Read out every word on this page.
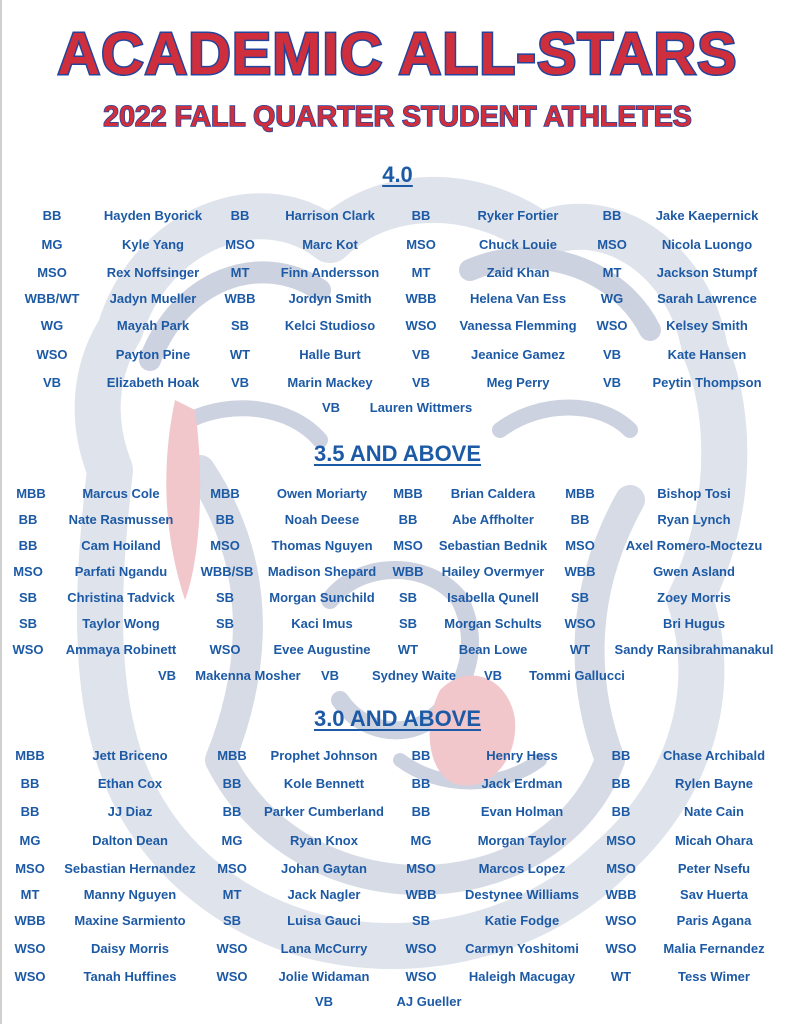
ACADEMIC ALL-STARS
2022 FALL QUARTER STUDENT ATHLETES
4.0
BB	Hayden Byorick BB	Harrison Clark	BB	Ryker Fortier	BB	Jake Kaepernick
MG	Kyle Yang	MSO	Marc Kot	MSO	Chuck Louie	MSO	Nicola Luongo
MSO	Rex Noffsinger MT Finn Andersson MT	Zaid Khan	MT	Jackson Stumpf
WBB/WT Jadyn Mueller WBB	Jordyn Smith	WBB	Helena Van Ess	WG	Sarah Lawrence
WG	Mayah Park	SB	Kelci Studioso WSO Vanessa Flemming WSO	Kelsey Smith
WSO	Payton Pine	WT	Halle Burt	VB	Jeanice Gamez	VB	Kate Hansen
VB	Elizabeth Hoak VB	Marin Mackey	VB	Meg Perry	VB Peytin Thompson
VB Lauren Wittmers
3.5 AND ABOVE
MBB	Marcus Cole	MBB	Owen Moriarty MBB Brian Caldera MBB	Bishop Tosi
BB Nate Rasmussen	BB	Noah Deese	BB	Abe Affholter	BB	Ryan Lynch
BB	Cam Hoiland	MSO Thomas Nguyen MSO Sebastian Bednik MSO Axel Romero-Moctezu
MSO Parfati Ngandu	WBB/SB Madison Shepard WBB Hailey Overmyer WBB	Gwen Asland
SB Christina Tadvick	SB	Morgan Sunchild SB Isabella Qunell SB	Zoey Morris
SB	Taylor Wong	SB	Kaci Imus	SB Morgan Schults WSO	Bri Hugus
WSO Ammaya Robinett	WSO	Evee Augustine WT	Bean Lowe	WT Sandy Ransibrahmanakul
VB Makenna Mosher VB	Sydney Waite VB Tommi Gallucci
3.0 AND ABOVE
MBB	Jett Briceno	MBB Prophet Johnson	BB	Henry Hess	BB	Chase Archibald
BB	Ethan Cox	BB	Kole Bennett	BB	Jack Erdman	BB	Rylen Bayne
BB	JJ Diaz	BB Parker Cumberland BB	Evan Holman	BB	Nate Cain
MG	Dalton Dean	MG	Ryan Knox	MG	Morgan Taylor	MSO	Micah Ohara
MSO Sebastian Hernandez MSO	Johan Gaytan	MSO	Marcos Lopez	MSO	Peter Nsefu
MT	Manny Nguyen	MT	Jack Nagler	WBB Destynee Williams WBB	Sav Huerta
WBB Maxine Sarmiento	SB	Luisa Gauci	SB	Katie Fodge	WSO	Paris Agana
WSO	Daisy Morris	WSO	Lana McCurry	WSO Carmyn Yoshitomi WSO Malia Fernandez
WSO	Tanah Huffines	WSO Jolie Widaman	WSO Haleigh Macugay	WT	Tess Wimer
VB	AJ Gueller
